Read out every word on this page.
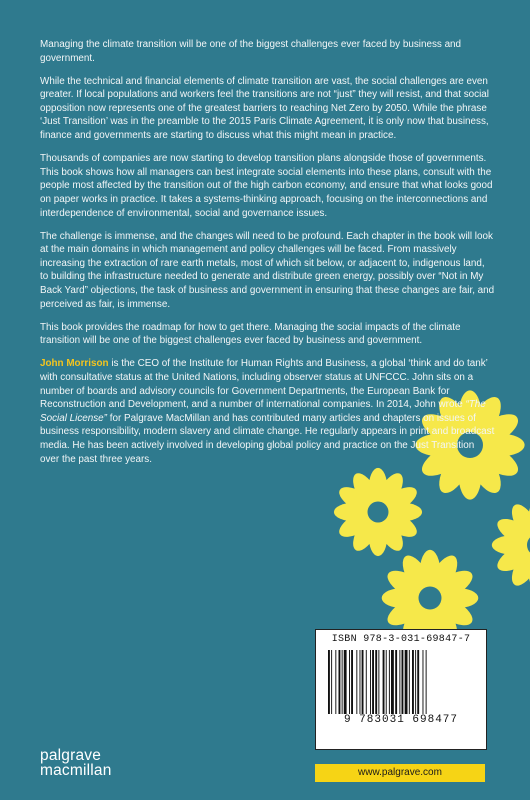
Managing the climate transition will be one of the biggest challenges ever faced by business and government.

While the technical and financial elements of climate transition are vast, the social challenges are even greater. If local populations and workers feel the transitions are not “just” they will resist, and that social opposition now represents one of the greatest barriers to reaching Net Zero by 2050. While the phrase ‘Just Transition’ was in the preamble to the 2015 Paris Climate Agreement, it is only now that business, finance and governments are starting to discuss what this might mean in practice.

Thousands of companies are now starting to develop transition plans alongside those of governments. This book shows how all managers can best integrate social elements into these plans, consult with the people most affected by the transition out of the high carbon economy, and ensure that what looks good on paper works in practice. It takes a systems-thinking approach, focusing on the interconnections and interdependence of environmental, social and governance issues.

The challenge is immense, and the changes will need to be profound. Each chapter in the book will look at the main domains in which management and policy challenges will be faced. From massively increasing the extraction of rare earth metals, most of which sit below, or adjacent to, indigenous land, to building the infrastructure needed to generate and distribute green energy, possibly over “Not in My Back Yard” objections, the task of business and government in ensuring that these changes are fair, and perceived as fair, is immense.

This book provides the roadmap for how to get there. Managing the social impacts of the climate transition will be one of the biggest challenges ever faced by business and government.

John Morrison is the CEO of the Institute for Human Rights and Business, a global ‘think and do tank’ with consultative status at the United Nations, including observer status at UNFCCC. John sits on a number of boards and advisory councils for Government Departments, the European Bank for Reconstruction and Development, and a number of international companies. In 2014, John wrote “The Social License” for Palgrave MacMillan and has contributed many articles and chapters on issues of business responsibility, modern slavery and climate change. He regularly appears in print and broadcast media. He has been actively involved in developing global policy and practice on the Just Transition over the past three years.

ISBN 978-3-031-69847-7
9 783031 698477
www.palgrave.com
palgrave
macmillan
